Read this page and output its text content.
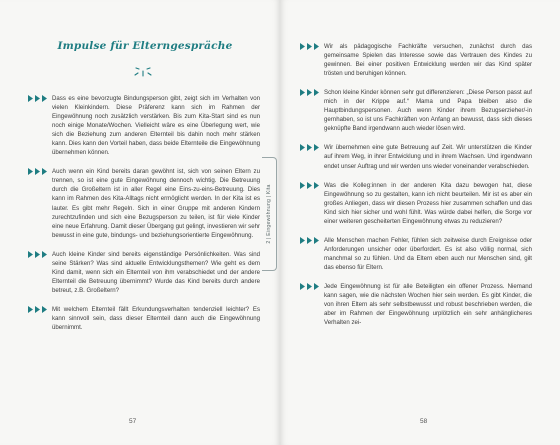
Impulse für Elterngespräche
Dass es eine bevorzugte Bindungsperson gibt, zeigt sich im Verhalten von vielen Kleinkindern. Diese Präferenz kann sich im Rahmen der Eingewöhnung noch zusätzlich verstärken. Bis zum Kita-Start sind es nun noch einige Monate/Wochen. Vielleicht wäre es eine Überlegung wert, wie sich die Beziehung zum anderen Elternteil bis dahin noch mehr stärken kann. Dies kann den Vorteil haben, dass beide Elternteile die Eingewöhnung übernehmen können.
Auch wenn ein Kind bereits daran gewöhnt ist, sich von seinen Eltern zu trennen, so ist eine gute Eingewöhnung dennoch wichtig. Die Betreuung durch die Großeltern ist in aller Regel eine Eins-zu-eins-Betreuung. Dies kann im Rahmen des Kita-Alltags nicht ermöglicht werden. In der Kita ist es lauter. Es gibt mehr Regeln. Sich in einer Gruppe mit anderen Kindern zurechtzufinden und sich eine Bezugsperson zu teilen, ist für viele Kinder eine neue Erfahrung. Damit dieser Übergang gut gelingt, investieren wir sehr bewusst in eine gute, bindungs- und beziehungsorientierte Eingewöhnung.
Auch kleine Kinder sind bereits eigenständige Persönlichkeiten. Was sind seine Stärken? Was sind aktuelle Entwicklungsthemen? Wie geht es dem Kind damit, wenn sich ein Elternteil von ihm verabschiedet und der andere Elternteil die Betreuung übernimmt? Wurde das Kind bereits durch andere betreut, z.B. Großeltern?
Mit welchem Elternteil fällt Erkundungsverhalten tendenziell leichter? Es kann sinnvoll sein, dass dieser Elternteil dann auch die Eingewöhnung übernimmt.
57
2 | Eingewöhnung | Kita
Wir als pädagogische Fachkräfte versuchen, zunächst durch das gemeinsame Spielen das Interesse sowie das Vertrauen des Kindes zu gewinnen. Bei einer positiven Entwicklung werden wir das Kind später trösten und beruhigen können.
Schon kleine Kinder können sehr gut differenzieren: „Diese Person passt auf mich in der Krippe auf.“ Mama und Papa bleiben also die Hauptbindungspersonen. Auch wenn Kinder ihrem Bezugserzieher/-in gernhaben, so ist uns Fachkräften von Anfang an bewusst, dass sich dieses geknüpfte Band irgendwann auch wieder lösen wird.
Wir übernehmen eine gute Betreuung auf Zeit. Wir unterstützen die Kinder auf ihrem Weg, in ihrer Entwicklung und in ihrem Wachsen. Und irgendwann endet unser Auftrag und wir werden uns wieder voneinander verabschieden.
Was die Kolleg:innen in der anderen Kita dazu bewogen hat, diese Eingewöhnung so zu gestalten, kann ich nicht beurteilen. Mir ist es aber ein großes Anliegen, dass wir diesen Prozess hier zusammen schaffen und das Kind sich hier sicher und wohl fühlt. Was würde dabei helfen, die Sorge vor einer weiteren gescheiterten Eingewöhnung etwas zu reduzieren?
Alle Menschen machen Fehler, fühlen sich zeitweise durch Ereignisse oder Anforderungen unsicher oder überfordert. Es ist also völlig normal, sich manchmal so zu fühlen. Und da Eltern eben auch nur Menschen sind, gilt das ebenso für Eltern.
Jede Eingewöhnung ist für alle Beteiligten ein offener Prozess. Niemand kann sagen, wie die nächsten Wochen hier sein werden. Es gibt Kinder, die von ihren Eltern als sehr selbstbewusst und robust beschrieben werden, die aber im Rahmen der Eingewöhnung urplötzlich ein sehr anhänglicheres Verhalten zei-
58
